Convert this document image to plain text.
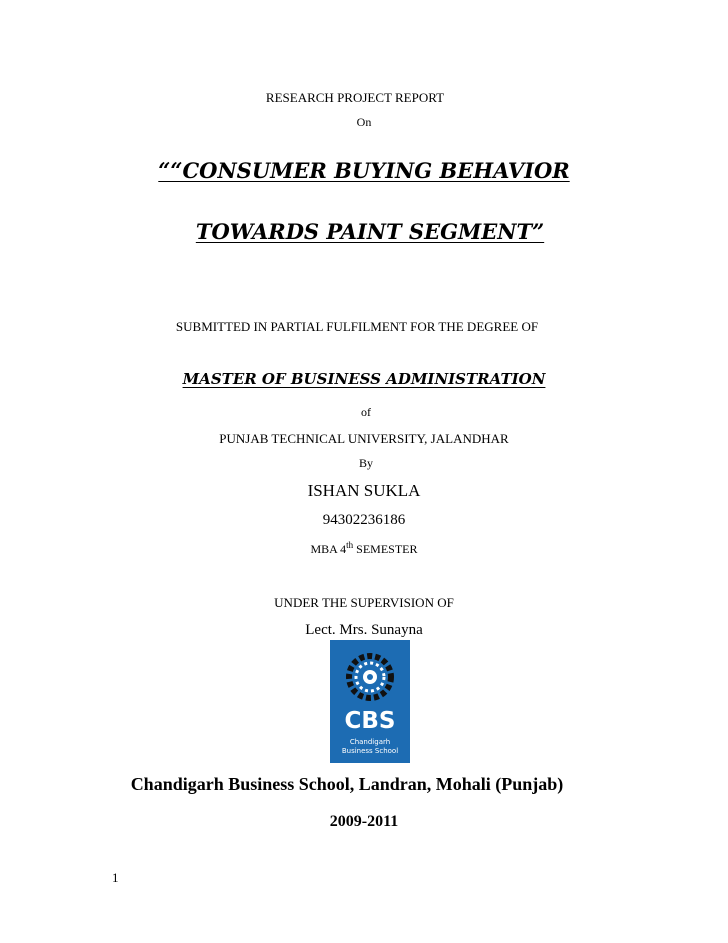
RESEARCH PROJECT REPORT
On
““CONSUMER BUYING BEHAVIOR
TOWARDS PAINT SEGMENT”
SUBMITTED IN PARTIAL FULFILMENT FOR THE DEGREE OF
MASTER OF BUSINESS ADMINISTRATION
of
PUNJAB TECHNICAL UNIVERSITY, JALANDHAR
By
ISHAN SUKLA
94302236186
MBA 4th SEMESTER
UNDER THE SUPERVISION OF
Lect. Mrs. Sunayna
CBS
Chandigarh
Business School
Chandigarh Business School, Landran, Mohali (Punjab)
2009-2011
1
